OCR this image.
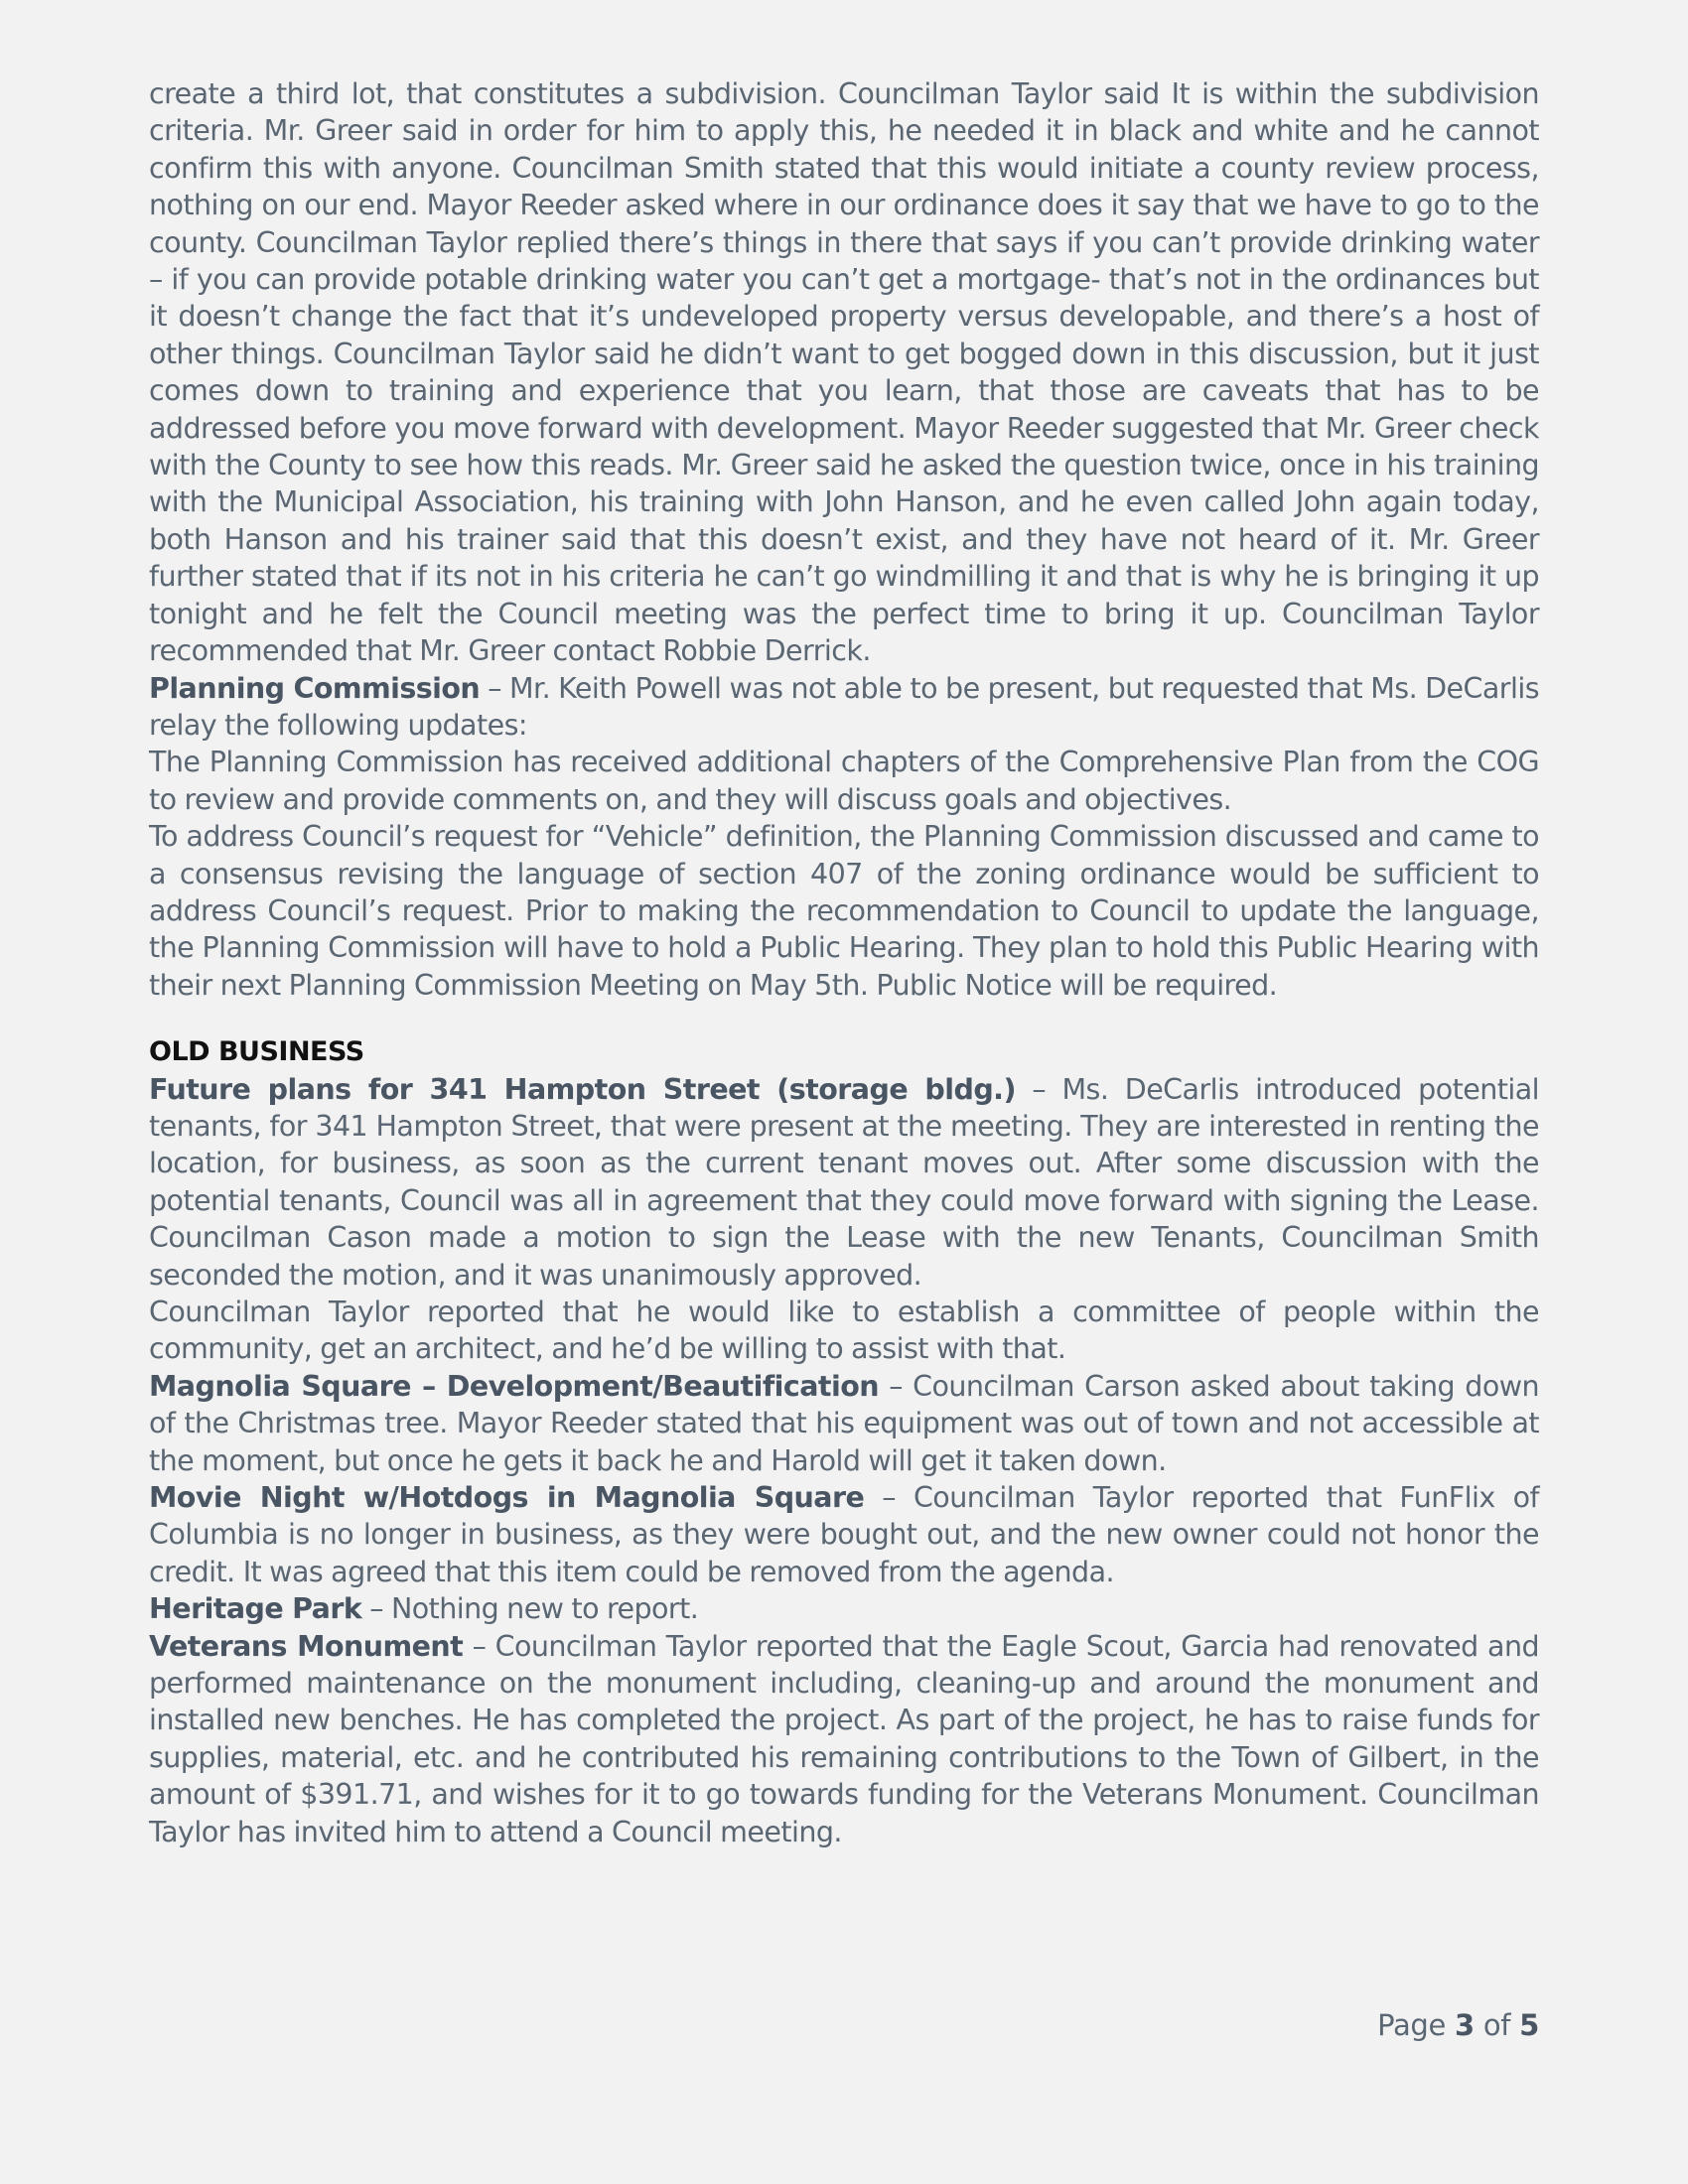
create a third lot, that constitutes a subdivision. Councilman Taylor said It is within the subdivision criteria. Mr. Greer said in order for him to apply this, he needed it in black and white and he cannot confirm this with anyone. Councilman Smith stated that this would initiate a county review process, nothing on our end. Mayor Reeder asked where in our ordinance does it say that we have to go to the county. Councilman Taylor replied there’s things in there that says if you can’t provide drinking water – if you can provide potable drinking water you can’t get a mortgage- that’s not in the ordinances but it doesn’t change the fact that it’s undeveloped property versus developable, and there’s a host of other things. Councilman Taylor said he didn’t want to get bogged down in this discussion, but it just comes down to training and experience that you learn, that those are caveats that has to be addressed before you move forward with development. Mayor Reeder suggested that Mr. Greer check with the County to see how this reads. Mr. Greer said he asked the question twice, once in his training with the Municipal Association, his training with John Hanson, and he even called John again today, both Hanson and his trainer said that this doesn’t exist, and they have not heard of it. Mr. Greer further stated that if its not in his criteria he can’t go windmilling it and that is why he is bringing it up tonight and he felt the Council meeting was the perfect time to bring it up. Councilman Taylor recommended that Mr. Greer contact Robbie Derrick.

Planning Commission – Mr. Keith Powell was not able to be present, but requested that Ms. DeCarlis relay the following updates:

The Planning Commission has received additional chapters of the Comprehensive Plan from the COG to review and provide comments on, and they will discuss goals and objectives.

To address Council’s request for “Vehicle” definition, the Planning Commission discussed and came to a consensus revising the language of section 407 of the zoning ordinance would be sufficient to address Council’s request. Prior to making the recommendation to Council to update the language, the Planning Commission will have to hold a Public Hearing. They plan to hold this Public Hearing with their next Planning Commission Meeting on May 5th. Public Notice will be required.

OLD BUSINESS

Future plans for 341 Hampton Street (storage bldg.) – Ms. DeCarlis introduced potential tenants, for 341 Hampton Street, that were present at the meeting. They are interested in renting the location, for business, as soon as the current tenant moves out. After some discussion with the potential tenants, Council was all in agreement that they could move forward with signing the Lease. Councilman Cason made a motion to sign the Lease with the new Tenants, Councilman Smith seconded the motion, and it was unanimously approved.

Councilman Taylor reported that he would like to establish a committee of people within the community, get an architect, and he’d be willing to assist with that.

Magnolia Square – Development/Beautification – Councilman Carson asked about taking down of the Christmas tree. Mayor Reeder stated that his equipment was out of town and not accessible at the moment, but once he gets it back he and Harold will get it taken down.

Movie Night w/Hotdogs in Magnolia Square – Councilman Taylor reported that FunFlix of Columbia is no longer in business, as they were bought out, and the new owner could not honor the credit. It was agreed that this item could be removed from the agenda.

Heritage Park – Nothing new to report.

Veterans Monument – Councilman Taylor reported that the Eagle Scout, Garcia had renovated and performed maintenance on the monument including, cleaning-up and around the monument and installed new benches. He has completed the project. As part of the project, he has to raise funds for supplies, material, etc. and he contributed his remaining contributions to the Town of Gilbert, in the amount of $391.71, and wishes for it to go towards funding for the Veterans Monument. Councilman Taylor has invited him to attend a Council meeting.

Page 3 of 5
